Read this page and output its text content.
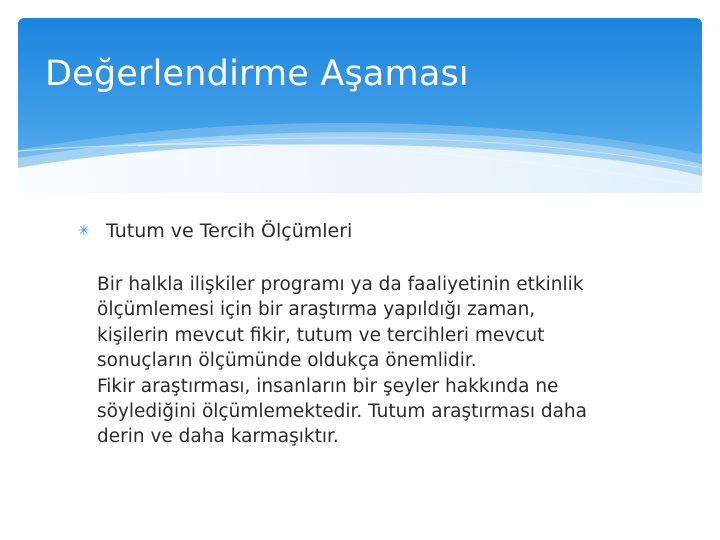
Değerlendirme Aşaması
✳ Tutum ve Tercih Ölçümleri

Bir halkla ilişkiler programı ya da faaliyetinin etkinlik
ölçümlemesi için bir araştırma yapıldığı zaman,
kişilerin mevcut fikir, tutum ve tercihleri mevcut
sonuçların ölçümünde oldukça önemlidir.
Fikir araştırması, insanların bir şeyler hakkında ne
söylediğini ölçümlemektedir. Tutum araştırması daha
derin ve daha karmaşıktır.
